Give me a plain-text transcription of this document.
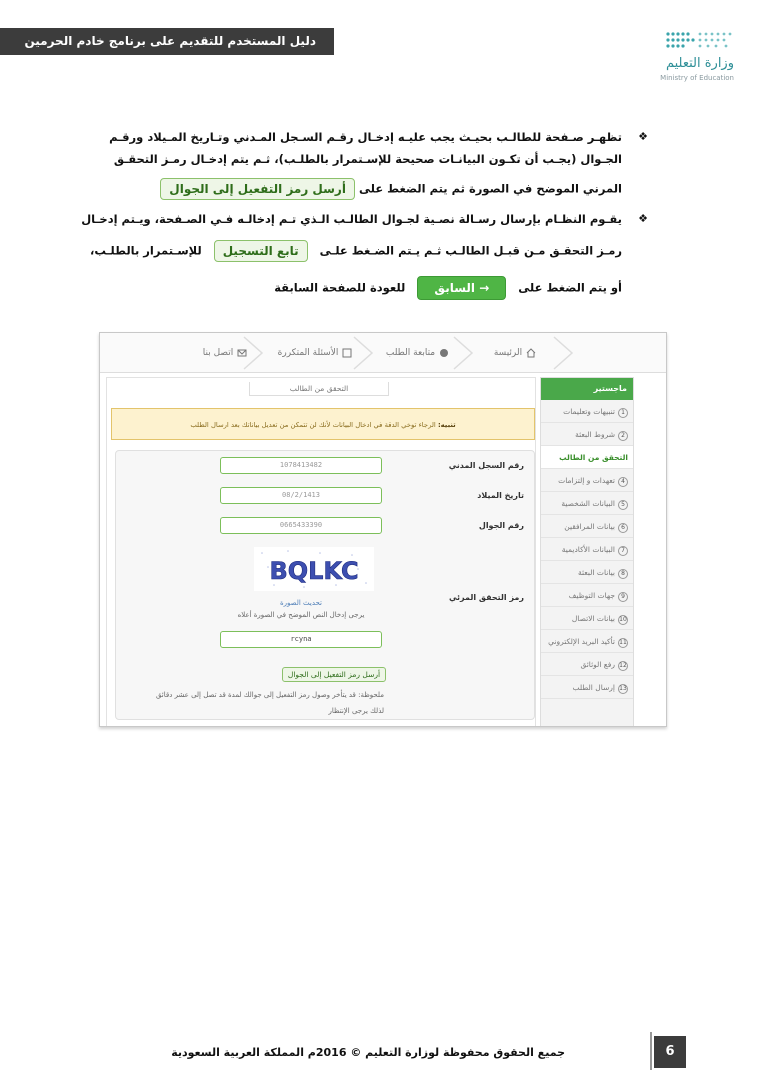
دليل المستخدم للتقديم على برنامج خادم الحرمين الشريفين	وزارة التعليم
Ministry of Education
❖
تظهـر صـفحة للطالـب بحيـث يجب عليـه إدخـال رقـم السـجل المـدني وتـاريخ المـيلاد ورقـم
الجـوال (يجـب أن تكـون البيانـات صحيحة للإسـتمرار بالطلـب)، ثـم يتم إدخـال رمـز التحقـق
المرني الموضح في الصورة ثم يتم الضغط على أرسل رمز التفعيل إلى الجوال
❖
يقـوم النظـام بإرسال رسـالة نصـية لجـوال الطالـب الـذي تـم إدخالـه فـي الصـفحة، ويـتم إدخـال
رمـز التحقـق مـن قبـل الطالـب ثـم يـتم الضـغط علـى تابع التسجيل للإسـتمرار بالطلـب،
أو يتم الضغط على → السابق للعودة للصفحة السابقة
الرئيسة
متابعة الطلب
الأسئلة المتكررة
اتصل بنا
ماجستير
1تنبيهات وتعليمات
2شروط البعثة
التحقق من الطالب
4تعهدات و إلتزامات
5البيانات الشخصية
6بيانات المرافقين
7البيانات الأكاديمية
8بيانات البعثة
9جهات التوظيف
10بيانات الاتصال
11تأكيد البريد الإلكتروني
12رفع الوثائق
13إرسال الطلب
التحقق من الطالب
تنبيه: الرجاء توخي الدقة في ادخال البيانات لأنك لن تتمكن من تعديل بياناتك بعد ارسال الطلب
رقم السجل المدني
1078413482
تاريخ الميلاد
08/2/1413
رقم الجوال
0665433390
BQLKC
رمز التحقق المرئي
تحديث الصورة
يرجى إدخال النص الموضح في الصورة أعلاه
rcyna
أرسل رمز التفعيل إلى الجوال
ملحوظة: قد يتأخر وصول رمز التفعيل إلى جوالك لمدة قد تصل إلى عشر دقائق
لذلك يرجى الإنتظار
جميع الحقوق محفوظة لوزارة التعليم © 2016م المملكة العربية السعودية	6
